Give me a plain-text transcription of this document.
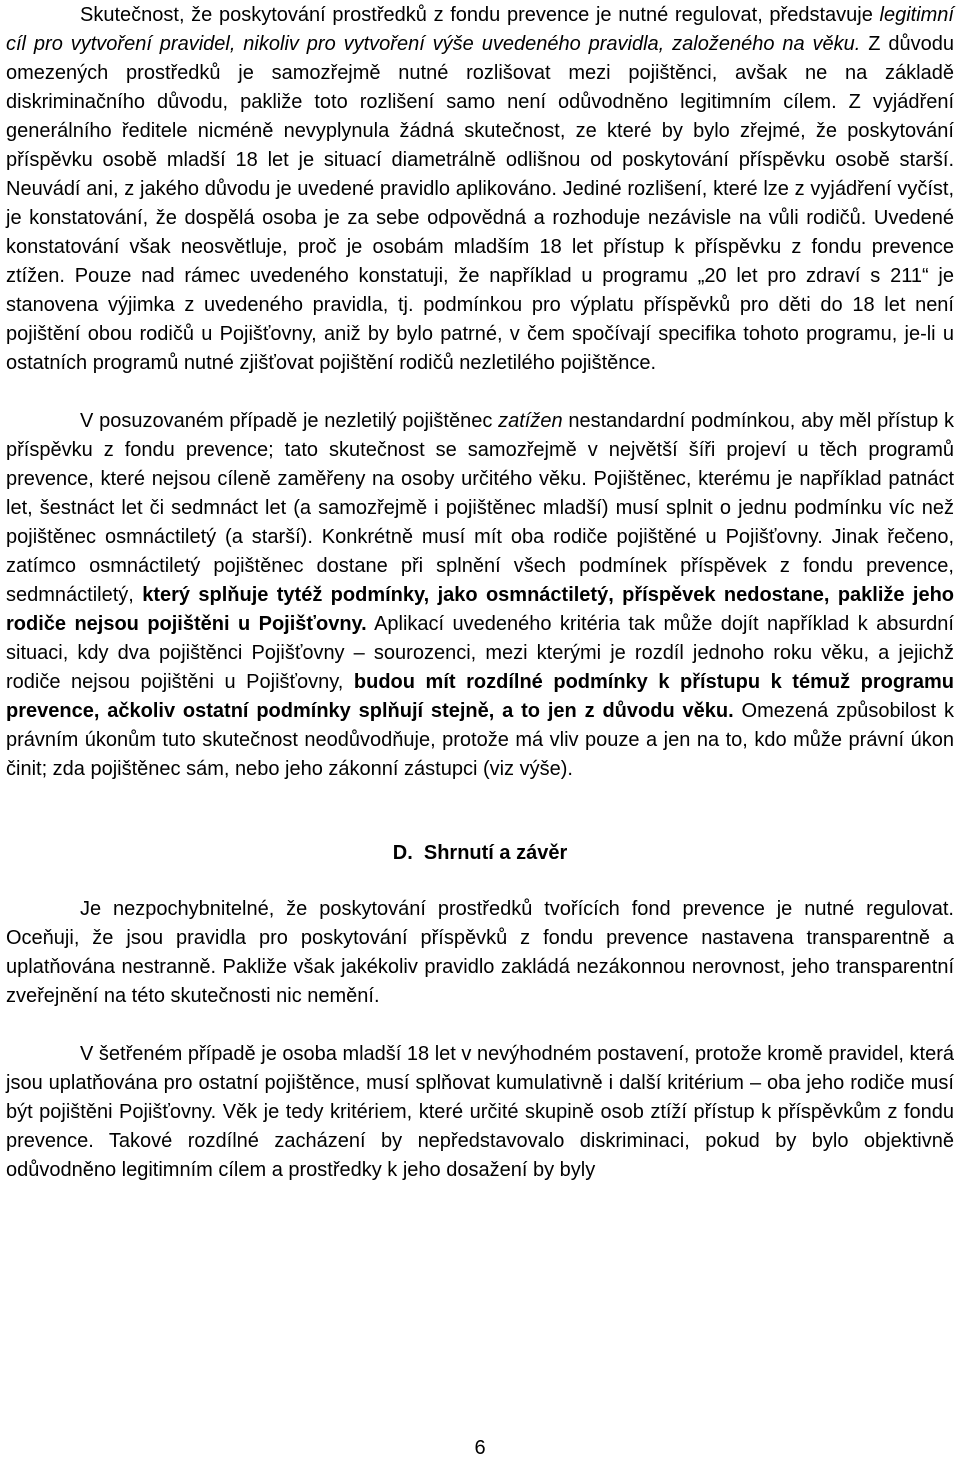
Skutečnost, že poskytování prostředků z fondu prevence je nutné regulovat, představuje legitimní cíl pro vytvoření pravidel, nikoliv pro vytvoření výše uvedeného pravidla, založeného na věku. Z důvodu omezených prostředků je samozřejmě nutné rozlišovat mezi pojištěnci, avšak ne na základě diskriminačního důvodu, pakliže toto rozlišení samo není odůvodněno legitimním cílem. Z vyjádření generálního ředitele nicméně nevyplynula žádná skutečnost, ze které by bylo zřejmé, že poskytování příspěvku osobě mladší 18 let je situací diametrálně odlišnou od poskytování příspěvku osobě starší. Neuvádí ani, z jakého důvodu je uvedené pravidlo aplikováno. Jediné rozlišení, které lze z vyjádření vyčíst, je konstatování, že dospělá osoba je za sebe odpovědná a rozhoduje nezávisle na vůli rodičů. Uvedené konstatování však neosvětluje, proč je osobám mladším 18 let přístup k příspěvku z fondu prevence ztížen. Pouze nad rámec uvedeného konstatuji, že například u programu „20 let pro zdraví s 211“ je stanovena výjimka z uvedeného pravidla, tj. podmínkou pro výplatu příspěvků pro děti do 18 let není pojištění obou rodičů u Pojišťovny, aniž by bylo patrné, v čem spočívají specifika tohoto programu, je-li u ostatních programů nutné zjišťovat pojištění rodičů nezletilého pojištěnce.

V posuzovaném případě je nezletilý pojištěnec zatížen nestandardní podmínkou, aby měl přístup k příspěvku z fondu prevence; tato skutečnost se samozřejmě v největší šíři projeví u těch programů prevence, které nejsou cíleně zaměřeny na osoby určitého věku. Pojištěnec, kterému je například patnáct let, šestnáct let či sedmnáct let (a samozřejmě i pojištěnec mladší) musí splnit o jednu podmínku víc než pojištěnec osmnáctiletý (a starší). Konkrétně musí mít oba rodiče pojištěné u Pojišťovny. Jinak řečeno, zatímco osmnáctiletý pojištěnec dostane při splnění všech podmínek příspěvek z fondu prevence, sedmnáctiletý, který splňuje tytéž podmínky, jako osmnáctiletý, příspěvek nedostane, pakliže jeho rodiče nejsou pojištěni u Pojišťovny. Aplikací uvedeného kritéria tak může dojít například k absurdní situaci, kdy dva pojištěnci Pojišťovny – sourozenci, mezi kterými je rozdíl jednoho roku věku, a jejichž rodiče nejsou pojištěni u Pojišťovny, budou mít rozdílné podmínky k přístupu k témuž programu prevence, ačkoliv ostatní podmínky splňují stejně, a to jen z důvodu věku. Omezená způsobilost k právním úkonům tuto skutečnost neodůvodňuje, protože má vliv pouze a jen na to, kdo může právní úkon činit; zda pojištěnec sám, nebo jeho zákonní zástupci (viz výše).

D.  Shrnutí a závěr

Je nezpochybnitelné, že poskytování prostředků tvořících fond prevence je nutné regulovat. Oceňuji, že jsou pravidla pro poskytování příspěvků z fondu prevence nastavena transparentně a uplatňována nestranně. Pakliže však jakékoliv pravidlo zakládá nezákonnou nerovnost, jeho transparentní zveřejnění na této skutečnosti nic nemění.

V šetřeném případě je osoba mladší 18 let v nevýhodném postavení, protože kromě pravidel, která jsou uplatňována pro ostatní pojištěnce, musí splňovat kumulativně i další kritérium – oba jeho rodiče musí být pojištěni Pojišťovny. Věk je tedy kritériem, které určité skupině osob ztíží přístup k příspěvkům z fondu prevence. Takové rozdílné zacházení by nepředstavovalo diskriminaci, pokud by bylo objektivně odůvodněno legitimním cílem a prostředky k jeho dosažení by byly

6
